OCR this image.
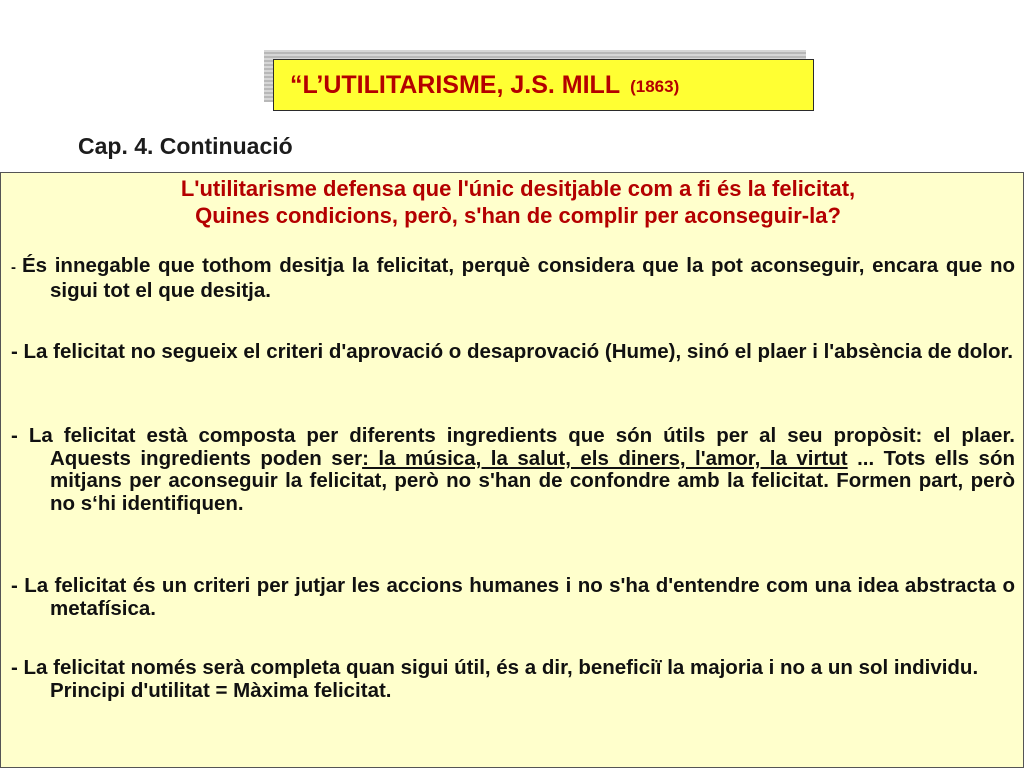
“L’UTILITARISME, J.S. MILL (1863)
Cap. 4. Continuació
L'utilitarisme defensa que l'únic desitjable com a fi és la felicitat,
Quines condicions, però, s'han de complir per aconseguir-la?
- És innegable que tothom desitja la felicitat, perquè considera que la pot aconseguir, encara que no sigui tot el que desitja.
- La felicitat no segueix el criteri d'aprovació o desaprovació (Hume), sinó el plaer i l'absència de dolor.
- La felicitat està composta per diferents ingredients que són útils per al seu propòsit: el plaer. Aquests ingredients poden ser: la música, la salut, els diners, l'amor, la virtut ... Tots ells són mitjans per aconseguir la felicitat, però no s'han de confondre amb la felicitat. Formen part, però no s‘hi identifiquen.
- La felicitat és un criteri per jutjar les accions humanes i no s'ha d'entendre com una idea abstracta o metafísica.
- La felicitat només serà completa quan sigui útil, és a dir, beneficiï la majoria i no a un sol individu. Principi d'utilitat = Màxima felicitat.
